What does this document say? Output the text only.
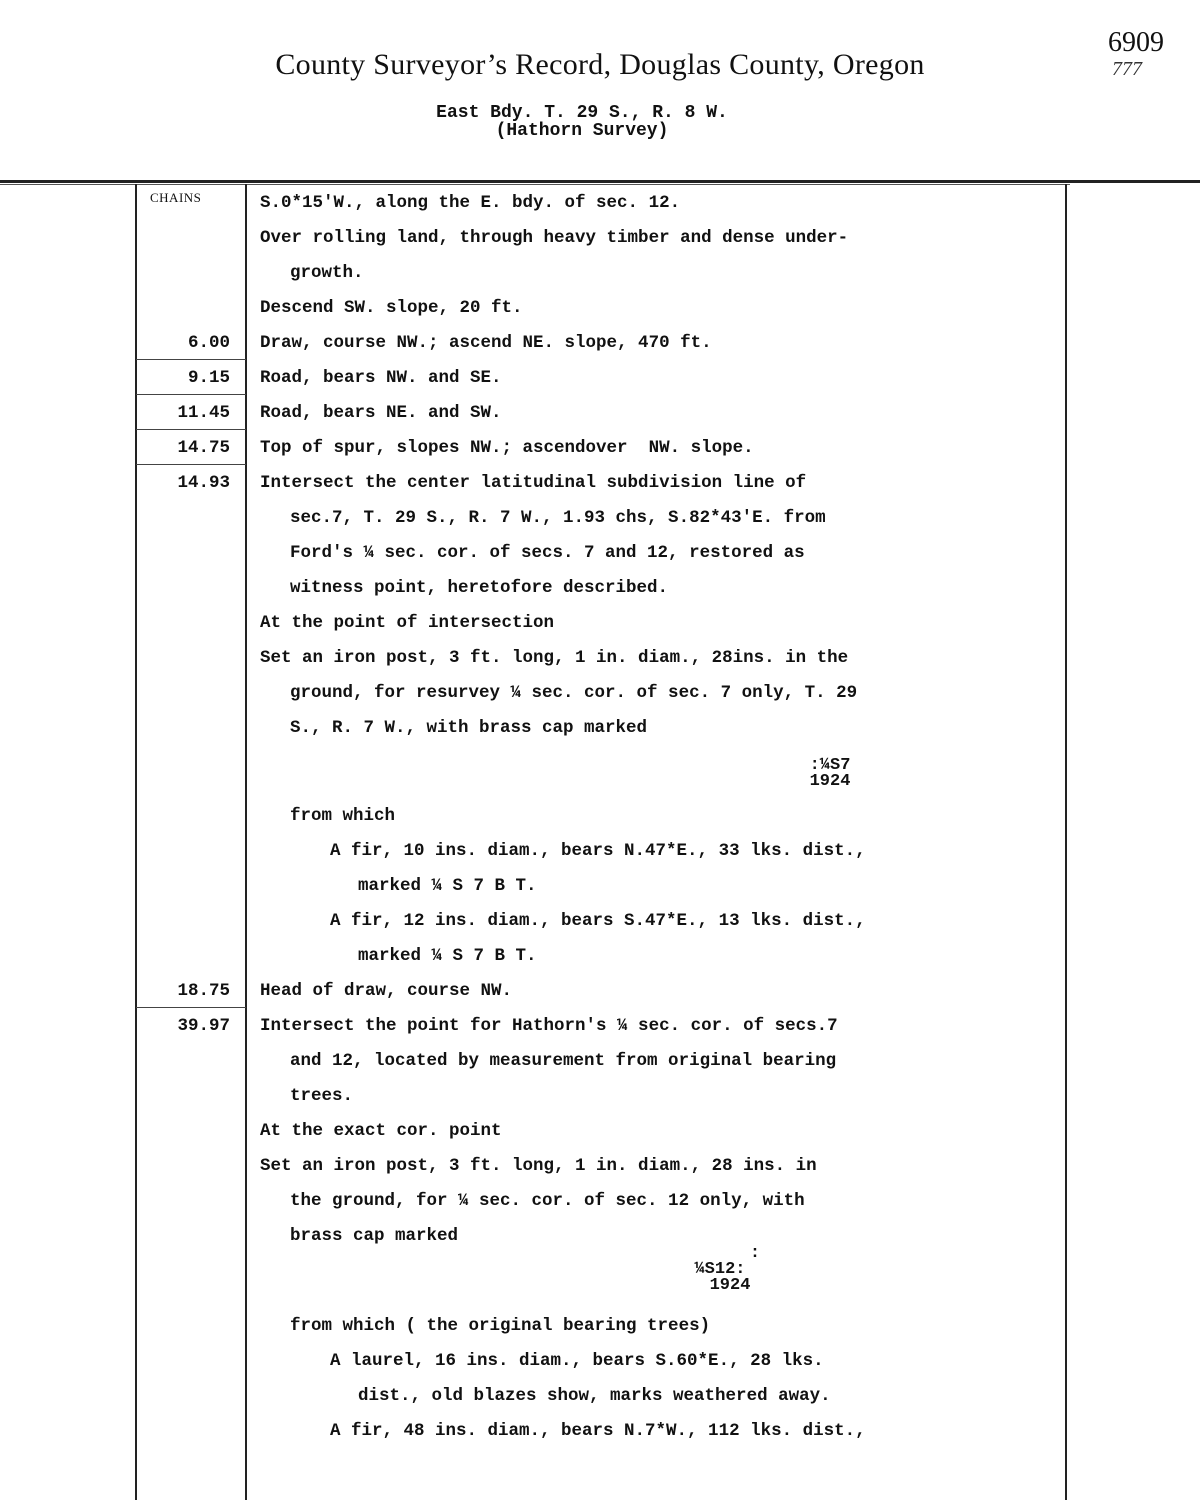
County Surveyor’s Record, Douglas County, Oregon
6909
777
East Bdy. T. 29 S., R. 8 W.
(Hathorn Survey)
CHAINS
6.00
9.15
11.45
14.75
14.93
18.75
39.97
S.0*15'W., along the E. bdy. of sec. 12.
Over rolling land, through heavy timber and dense under-
growth.
Descend SW. slope, 20 ft.
Draw, course NW.; ascend NE. slope, 470 ft.
Road, bears NW. and SE.
Road, bears NE. and SW.
Top of spur, slopes NW.; ascendover  NW. slope.
Intersect the center latitudinal subdivision line of
sec.7, T. 29 S., R. 7 W., 1.93 chs, S.82*43'E. from
Ford's ¼ sec. cor. of secs. 7 and 12, restored as
witness point, heretofore described.
At the point of intersection
Set an iron post, 3 ft. long, 1 in. diam., 28ins. in the
ground, for resurvey ¼ sec. cor. of sec. 7 only, T. 29
S., R. 7 W., with brass cap marked
:¼S7
1924
from which
A fir, 10 ins. diam., bears N.47*E., 33 lks. dist.,
marked ¼ S 7 B T.
A fir, 12 ins. diam., bears S.47*E., 13 lks. dist.,
marked ¼ S 7 B T.
Head of draw, course NW.
Intersect the point for Hathorn's ¼ sec. cor. of secs.7
and 12, located by measurement from original bearing
trees.
At the exact cor. point
Set an iron post, 3 ft. long, 1 in. diam., 28 ins. in
the ground, for ¼ sec. cor. of sec. 12 only, with
brass cap marked
:
¼S12:
1924
from which ( the original bearing trees)
A laurel, 16 ins. diam., bears S.60*E., 28 lks.
dist., old blazes show, marks weathered away.
A fir, 48 ins. diam., bears N.7*W., 112 lks. dist.,
